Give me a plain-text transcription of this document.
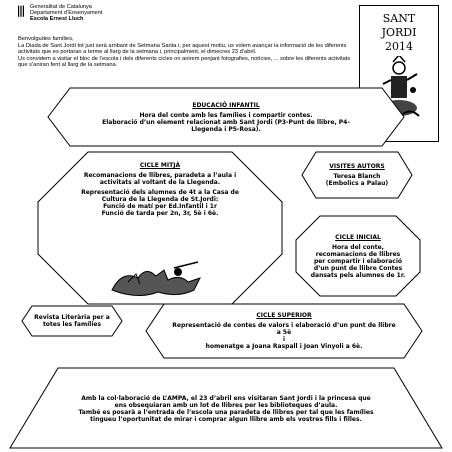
Generalitat de Catalunya
Departament d’Ensenyament
Escola Ernest Lluch
Benvolgudes famílies,
La Diada de Sant Jordi tot just serà arribant de Setmana Santa i, per aquest motiu, us volem avançar la informació de les diferents activitats que es portaran a terme al llarg de la setmana i, principalment, el dimecres 23 d’abril.
Us convidem a visitar el bloc de l’escola i dels diferents cicles on anirem penjant fotografies, notícies, ... sobre les diferents activitats que s’aniran fent al llarg de la setmana.
SANT
JORDI
2014
EDUCACIÓ INFANTIL
Hora del conte amb les famílies i compartir contes.
Elaboració d’un element relacionat amb Sant Jordi (P3-Punt de llibre, P4-Llegenda i P5-Rosa).
CICLE MITJÀ
Recomanacions de llibres, paradeta a l’aula i activitats al voltant de la Llegenda.
Representació dels alumnes de 4t a la Casa de Cultura de la Llegenda de St.Jordi:
Funció de matí per Ed.Infantil i 1r
Funció de tarda per 2n, 3r, 5è i 6è.
VISITES AUTORS
Teresa Blanch
(Embolics a Palau)
CICLE INICIAL
Hora del conte, recomanacions de llibres per compartir i elaboració d’un punt de llibre Contes dansats pels alumnes de 1r.
Revista Literària per a totes les famílies
CICLE SUPERIOR
Representació de contes de valors i elaboració d’un punt de llibre a 5è
i
homenatge a Joana Raspall i Joan Vinyoli a 6è.
Amb la col·laboració de L’AMPA, el 23 d’abril ens visitaran Sant Jordi i la princesa que ens obsequiaran amb un lot de llibres per les biblioteques d’aula.
També es posarà a l’entrada de l’escola una paradeta de llibres per tal que les famílies tingueu l’oportunitat de mirar i comprar algun llibre amb els vostres fills i filles.
